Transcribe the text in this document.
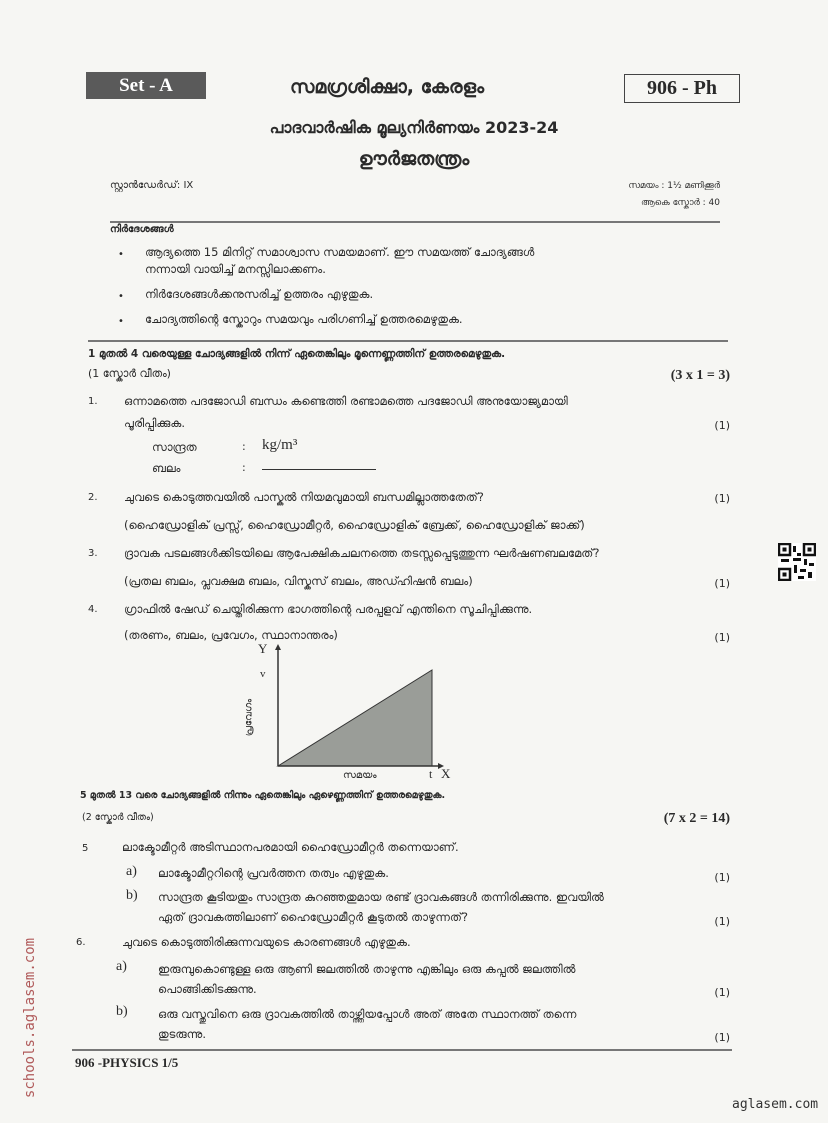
Set - A	സമഗ്രശിക്ഷാ, കേരളം	906 - Ph
പാദവാർഷിക മൂല്യനിർണയം 2023-24
ഊർജതന്ത്രം
സ്റ്റാൻഡേർഡ്: IX	സമയം : 1½ മണിക്കൂർ
ആകെ സ്കോർ : 40
നിർദേശങ്ങൾ
• ആദ്യത്തെ 15 മിനിറ്റ് സമാശ്വാസ സമയമാണ്. ഈ സമയത്ത് ചോദ്യങ്ങൾ
നന്നായി വായിച്ച് മനസ്സിലാക്കണം.
• നിർദേശങ്ങൾക്കനുസരിച്ച് ഉത്തരം എഴുതുക.
• ചോദ്യത്തിന്റെ സ്കോറും സമയവും പരിഗണിച്ച് ഉത്തരമെഴുതുക.
1 മുതൽ 4 വരെയുള്ള ചോദ്യങ്ങളിൽ നിന്ന് ഏതെങ്കിലും മൂന്നെണ്ണത്തിന് ഉത്തരമെഴുതുക.
(1 സ്കോർ വീതം)	(3 x 1 = 3)
1. ഒന്നാമത്തെ പദജോഡി ബന്ധം കണ്ടെത്തി രണ്ടാമത്തെ പദജോഡി അനുയോജ്യമായി
പൂരിപ്പിക്കുക.	(1)
സാന്ദ്രത	: kg/m³
ബലം	:
2. ചുവടെ കൊടുത്തവയിൽ പാസ്കൽ നിയമവുമായി ബന്ധമില്ലാത്തതേത്?	(1)
(ഹൈഡ്രോളിക് പ്രസ്സ്, ഹൈഡ്രോമീറ്റർ, ഹൈഡ്രോളിക് ബ്രേക്ക്, ഹൈഡ്രോളിക് ജാക്ക്)
3. ദ്രാവക പടലങ്ങൾക്കിടയിലെ ആപേക്ഷികചലനത്തെ തടസ്സപ്പെടുത്തുന്ന ഘർഷണബലമേത്?
(പ്രതല ബലം, പ്ലവക്ഷമ ബലം, വിസ്കസ് ബലം, അഡ്ഹിഷൻ ബലം)	(1)
4. ഗ്രാഫിൽ ഷേഡ് ചെയ്തിരിക്കുന്ന ഭാഗത്തിന്റെ പരപ്പളവ് എന്തിനെ സൂചിപ്പിക്കുന്നു.
(തരണം, ബലം, പ്രവേഗം, സ്ഥാനാന്തരം)	(1)
Y
v
പ്രവേഗം
സമയം	t X
5 മുതൽ 13 വരെ ചോദ്യങ്ങളിൽ നിന്നും ഏതെങ്കിലും ഏഴെണ്ണത്തിന് ഉത്തരമെഴുതുക.
(2 സ്കോർ വീതം)	(7 x 2 = 14)
5	ലാക്ടോമീറ്റർ അടിസ്ഥാനപരമായി ഹൈഡ്രോമീറ്റർ തന്നെയാണ്.
a) ലാക്ടോമീറ്ററിന്റെ പ്രവർത്തന തത്വം എഴുതുക.	(1)
b) സാന്ദ്രത കൂടിയതും സാന്ദ്രത കുറഞ്ഞതുമായ രണ്ട് ദ്രാവകങ്ങൾ തന്നിരിക്കുന്നു. ഇവയിൽ
ഏത് ദ്രാവകത്തിലാണ് ഹൈഡ്രോമീറ്റർ കൂടുതൽ താഴുന്നത്?	(1)
6.	ചുവടെ കൊടുത്തിരിക്കുന്നവയുടെ കാരണങ്ങൾ എഴുതുക.
a)	ഇരുമ്പുകൊണ്ടുള്ള ഒരു ആണി ജലത്തിൽ താഴുന്നു എങ്കിലും ഒരു കപ്പൽ ജലത്തിൽ
പൊങ്ങിക്കിടക്കുന്നു.	(1)
b)	ഒരു വസ്തുവിനെ ഒരു ദ്രാവകത്തിൽ താഴ്ത്തിയപ്പോൾ അത് അതേ സ്ഥാനത്ത് തന്നെ
തുടരുന്നു.	(1)
906 -PHYSICS 1/5
schools.aglasem.com
aglasem.com
